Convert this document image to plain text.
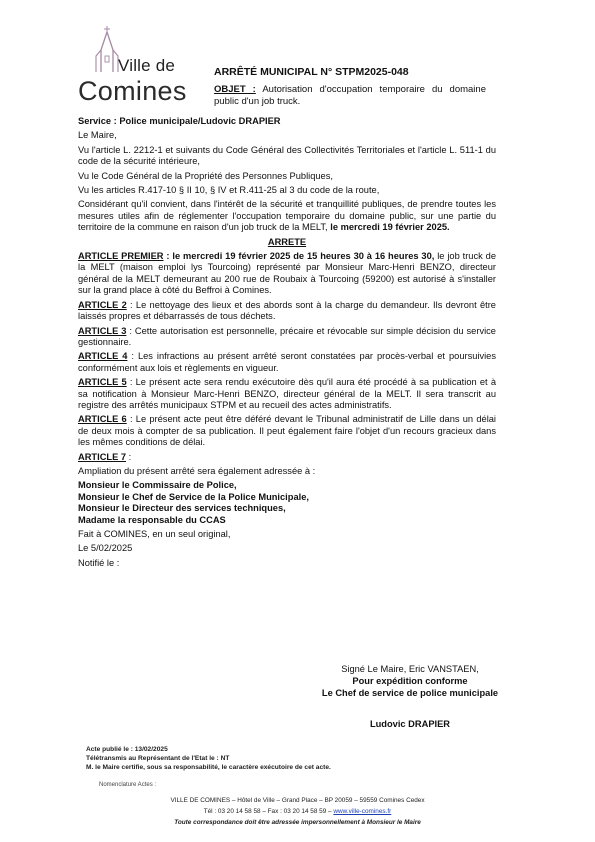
Ville de
Comines
ARRÊTÉ MUNICIPAL N° STPM2025-048
OBJET : Autorisation d'occupation temporaire du domaine public d'un job truck.
Service : Police municipale/Ludovic DRAPIER
Le Maire,
Vu l'article L. 2212-1 et suivants du Code Général des Collectivités Territoriales et l'article L. 511-1 du code de la sécurité intérieure,
Vu le Code Général de la Propriété des Personnes Publiques,
Vu les articles R.417-10 § II 10, § IV et R.411-25 al 3 du code de la route,
Considérant qu'il convient, dans l'intérêt de la sécurité et tranquillité publiques, de prendre toutes les mesures utiles afin de réglementer l'occupation temporaire du domaine public, sur une partie du territoire de la commune en raison d'un job truck de la MELT, le mercredi 19 février 2025.
ARRETE
ARTICLE PREMIER : le mercredi 19 février 2025 de 15 heures 30 à 16 heures 30, le job truck de la MELT (maison emploi lys Tourcoing) représenté par Monsieur Marc-Henri BENZO, directeur général de la MELT demeurant au 200 rue de Roubaix à Tourcoing (59200) est autorisé à s'installer sur la grand place à côté du Beffroi à Comines.
ARTICLE 2 : Le nettoyage des lieux et des abords sont à la charge du demandeur. Ils devront être laissés propres et débarrassés de tous déchets.
ARTICLE 3 : Cette autorisation est personnelle, précaire et révocable sur simple décision du service gestionnaire.
ARTICLE 4 : Les infractions au présent arrêté seront constatées par procès-verbal et poursuivies conformément aux lois et règlements en vigueur.
ARTICLE 5 : Le présent acte sera rendu exécutoire dès qu'il aura été procédé à sa publication et à sa notification à Monsieur Marc-Henri BENZO, directeur général de la MELT. Il sera transcrit au registre des arrêtés municipaux STPM et au recueil des actes administratifs.
ARTICLE 6 : Le présent acte peut être déféré devant le Tribunal administratif de Lille dans un délai de deux mois à compter de sa publication. Il peut également faire l'objet d'un recours gracieux dans les mêmes conditions de délai.
ARTICLE 7 :
Ampliation du présent arrêté sera également adressée à :
Monsieur le Commissaire de Police,
Monsieur le Chef de Service de la Police Municipale,
Monsieur le Directeur des services techniques,
Madame la responsable du CCAS
Fait à COMINES, en un seul original,
Le 5/02/2025
Notifié le :
Signé Le Maire, Eric VANSTAEN,
Pour expédition conforme
Le Chef de service de police municipale
Ludovic DRAPIER
Acte publié le : 13/02/2025
Télétransmis au Représentant de l'Etat le : NT
M. le Maire certifie, sous sa responsabilité, le caractère exécutoire de cet acte.
Nomenclature Actes :
VILLE DE COMINES – Hôtel de Ville – Grand Place – BP 20059 – 59559 Comines Cedex
Tél : 03 20 14 58 58 – Fax : 03 20 14 58 59 – www.ville-comines.fr
Toute correspondance doit être adressée impersonnellement à Monsieur le Maire
